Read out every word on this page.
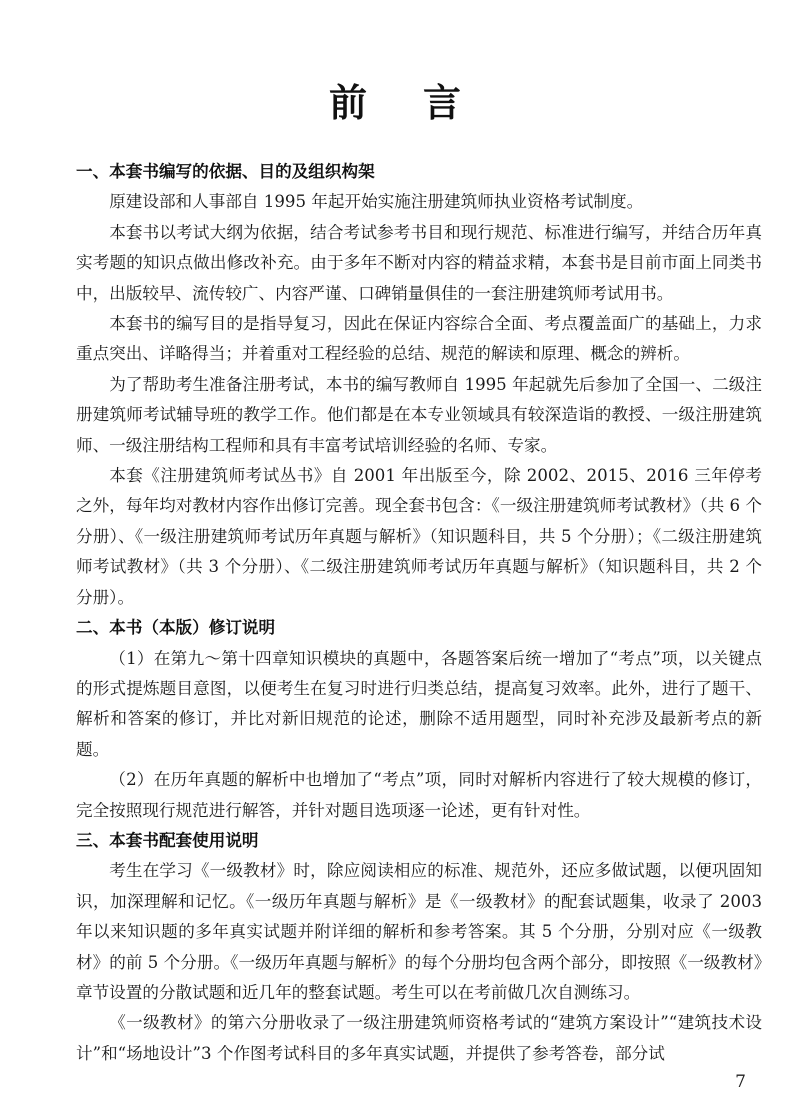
前言
一、本套书编写的依据、目的及组织构架

原建设部和人事部自 1995 年起开始实施注册建筑师执业资格考试制度。

本套书以考试大纲为依据，结合考试参考书目和现行规范、标准进行编写，并结合历年真实考题的知识点做出修改补充。由于多年不断对内容的精益求精，本套书是目前市面上同类书中，出版较早、流传较广、内容严谨、口碑销量俱佳的一套注册建筑师考试用书。

本套书的编写目的是指导复习，因此在保证内容综合全面、考点覆盖面广的基础上，力求重点突出、详略得当；并着重对工程经验的总结、规范的解读和原理、概念的辨析。

为了帮助考生准备注册考试，本书的编写教师自 1995 年起就先后参加了全国一、二级注册建筑师考试辅导班的教学工作。他们都是在本专业领域具有较深造诣的教授、一级注册建筑师、一级注册结构工程师和具有丰富考试培训经验的名师、专家。

本套《注册建筑师考试丛书》自 2001 年出版至今，除 2002、2015、2016 三年停考之外，每年均对教材内容作出修订完善。现全套书包含：《一级注册建筑师考试教材》（共 6 个分册）、《一级注册建筑师考试历年真题与解析》（知识题科目，共 5 个分册）；《二级注册建筑师考试教材》（共 3 个分册）、《二级注册建筑师考试历年真题与解析》（知识题科目，共 2 个分册）。

二、本书（本版）修订说明

（1）在第九～第十四章知识模块的真题中，各题答案后统一增加了“考点”项，以关键点的形式提炼题目意图，以便考生在复习时进行归类总结，提高复习效率。此外，进行了题干、解析和答案的修订，并比对新旧规范的论述，删除不适用题型，同时补充涉及最新考点的新题。

（2）在历年真题的解析中也增加了“考点”项，同时对解析内容进行了较大规模的修订，完全按照现行规范进行解答，并针对题目选项逐一论述，更有针对性。

三、本套书配套使用说明

考生在学习《一级教材》时，除应阅读相应的标准、规范外，还应多做试题，以便巩固知识，加深理解和记忆。《一级历年真题与解析》是《一级教材》的配套试题集，收录了 2003 年以来知识题的多年真实试题并附详细的解析和参考答案。其 5 个分册，分别对应《一级教材》的前 5 个分册。《一级历年真题与解析》的每个分册均包含两个部分，即按照《一级教材》章节设置的分散试题和近几年的整套试题。考生可以在考前做几次自测练习。

《一级教材》的第六分册收录了一级注册建筑师资格考试的“建筑方案设计”“建筑技术设计”和“场地设计”3 个作图考试科目的多年真实试题，并提供了参考答卷，部分试

7
